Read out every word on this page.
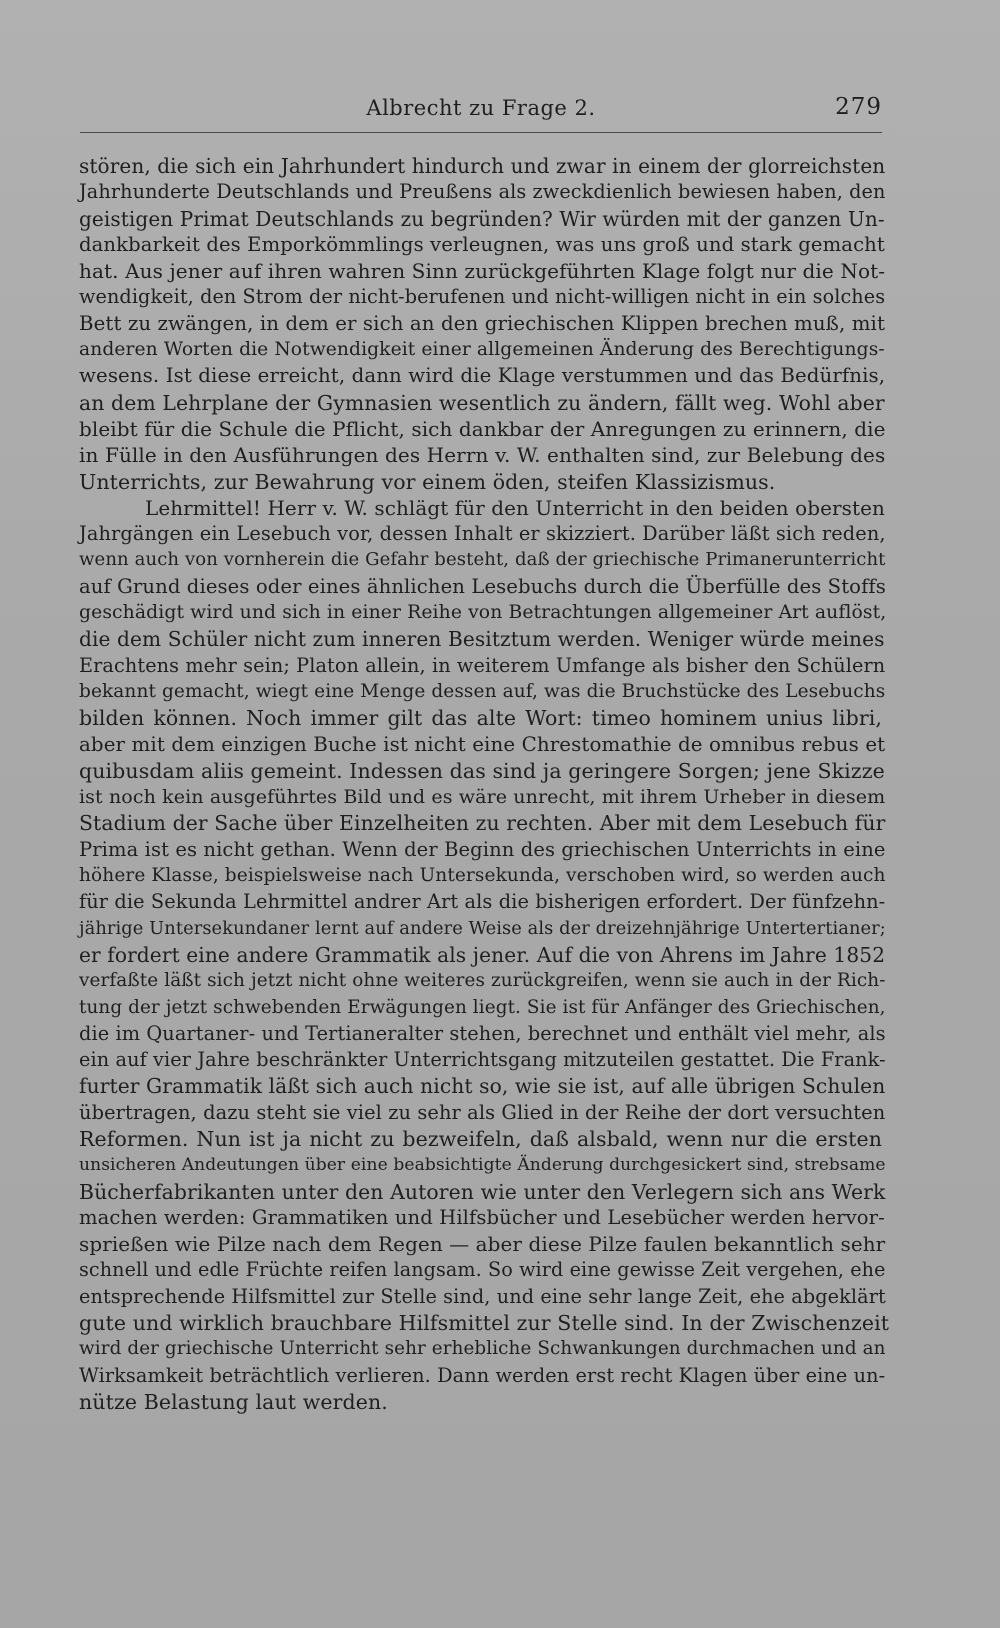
Albrecht zu Frage 2.	279
stören, die sich ein Jahrhundert hindurch und zwar in einem der glorreichsten
Jahrhunderte Deutschlands und Preußens als zweckdienlich bewiesen haben, den
geistigen Primat Deutschlands zu begründen? Wir würden mit der ganzen Un-
dankbarkeit des Emporkömmlings verleugnen, was uns groß und stark gemacht
hat. Aus jener auf ihren wahren Sinn zurückgeführten Klage folgt nur die Not-
wendigkeit, den Strom der nicht-berufenen und nicht-willigen nicht in ein solches
Bett zu zwängen, in dem er sich an den griechischen Klippen brechen muß, mit
anderen Worten die Notwendigkeit einer allgemeinen Änderung des Berechtigungs-
wesens. Ist diese erreicht, dann wird die Klage verstummen und das Bedürfnis,
an dem Lehrplane der Gymnasien wesentlich zu ändern, fällt weg. Wohl aber
bleibt für die Schule die Pflicht, sich dankbar der Anregungen zu erinnern, die
in Fülle in den Ausführungen des Herrn v. W. enthalten sind, zur Belebung des
Unterrichts, zur Bewahrung vor einem öden, steifen Klassizismus.
Lehrmittel! Herr v. W. schlägt für den Unterricht in den beiden obersten
Jahrgängen ein Lesebuch vor, dessen Inhalt er skizziert. Darüber läßt sich reden,
wenn auch von vornherein die Gefahr besteht, daß der griechische Primanerunterricht
auf Grund dieses oder eines ähnlichen Lesebuchs durch die Überfülle des Stoffs
geschädigt wird und sich in einer Reihe von Betrachtungen allgemeiner Art auflöst,
die dem Schüler nicht zum inneren Besitztum werden. Weniger würde meines
Erachtens mehr sein; Platon allein, in weiterem Umfange als bisher den Schülern
bekannt gemacht, wiegt eine Menge dessen auf, was die Bruchstücke des Lesebuchs
bilden können. Noch immer gilt das alte Wort: timeo hominem unius libri,
aber mit dem einzigen Buche ist nicht eine Chrestomathie de omnibus rebus et
quibusdam aliis gemeint. Indessen das sind ja geringere Sorgen; jene Skizze
ist noch kein ausgeführtes Bild und es wäre unrecht, mit ihrem Urheber in diesem
Stadium der Sache über Einzelheiten zu rechten. Aber mit dem Lesebuch für
Prima ist es nicht gethan. Wenn der Beginn des griechischen Unterrichts in eine
höhere Klasse, beispielsweise nach Untersekunda, verschoben wird, so werden auch
für die Sekunda Lehrmittel andrer Art als die bisherigen erfordert. Der fünfzehn-
jährige Untersekundaner lernt auf andere Weise als der dreizehnjährige Untertertianer;
er fordert eine andere Grammatik als jener. Auf die von Ahrens im Jahre 1852
verfaßte läßt sich jetzt nicht ohne weiteres zurückgreifen, wenn sie auch in der Rich-
tung der jetzt schwebenden Erwägungen liegt. Sie ist für Anfänger des Griechischen,
die im Quartaner- und Tertianeralter stehen, berechnet und enthält viel mehr, als
ein auf vier Jahre beschränkter Unterrichtsgang mitzuteilen gestattet. Die Frank-
furter Grammatik läßt sich auch nicht so, wie sie ist, auf alle übrigen Schulen
übertragen, dazu steht sie viel zu sehr als Glied in der Reihe der dort versuchten
Reformen. Nun ist ja nicht zu bezweifeln, daß alsbald, wenn nur die ersten
unsicheren Andeutungen über eine beabsichtigte Änderung durchgesickert sind, strebsame
Bücherfabrikanten unter den Autoren wie unter den Verlegern sich ans Werk
machen werden: Grammatiken und Hilfsbücher und Lesebücher werden hervor-
sprießen wie Pilze nach dem Regen — aber diese Pilze faulen bekanntlich sehr
schnell und edle Früchte reifen langsam. So wird eine gewisse Zeit vergehen, ehe
entsprechende Hilfsmittel zur Stelle sind, und eine sehr lange Zeit, ehe abgeklärt
gute und wirklich brauchbare Hilfsmittel zur Stelle sind. In der Zwischenzeit
wird der griechische Unterricht sehr erhebliche Schwankungen durchmachen und an
Wirksamkeit beträchtlich verlieren. Dann werden erst recht Klagen über eine un-
nütze Belastung laut werden.
